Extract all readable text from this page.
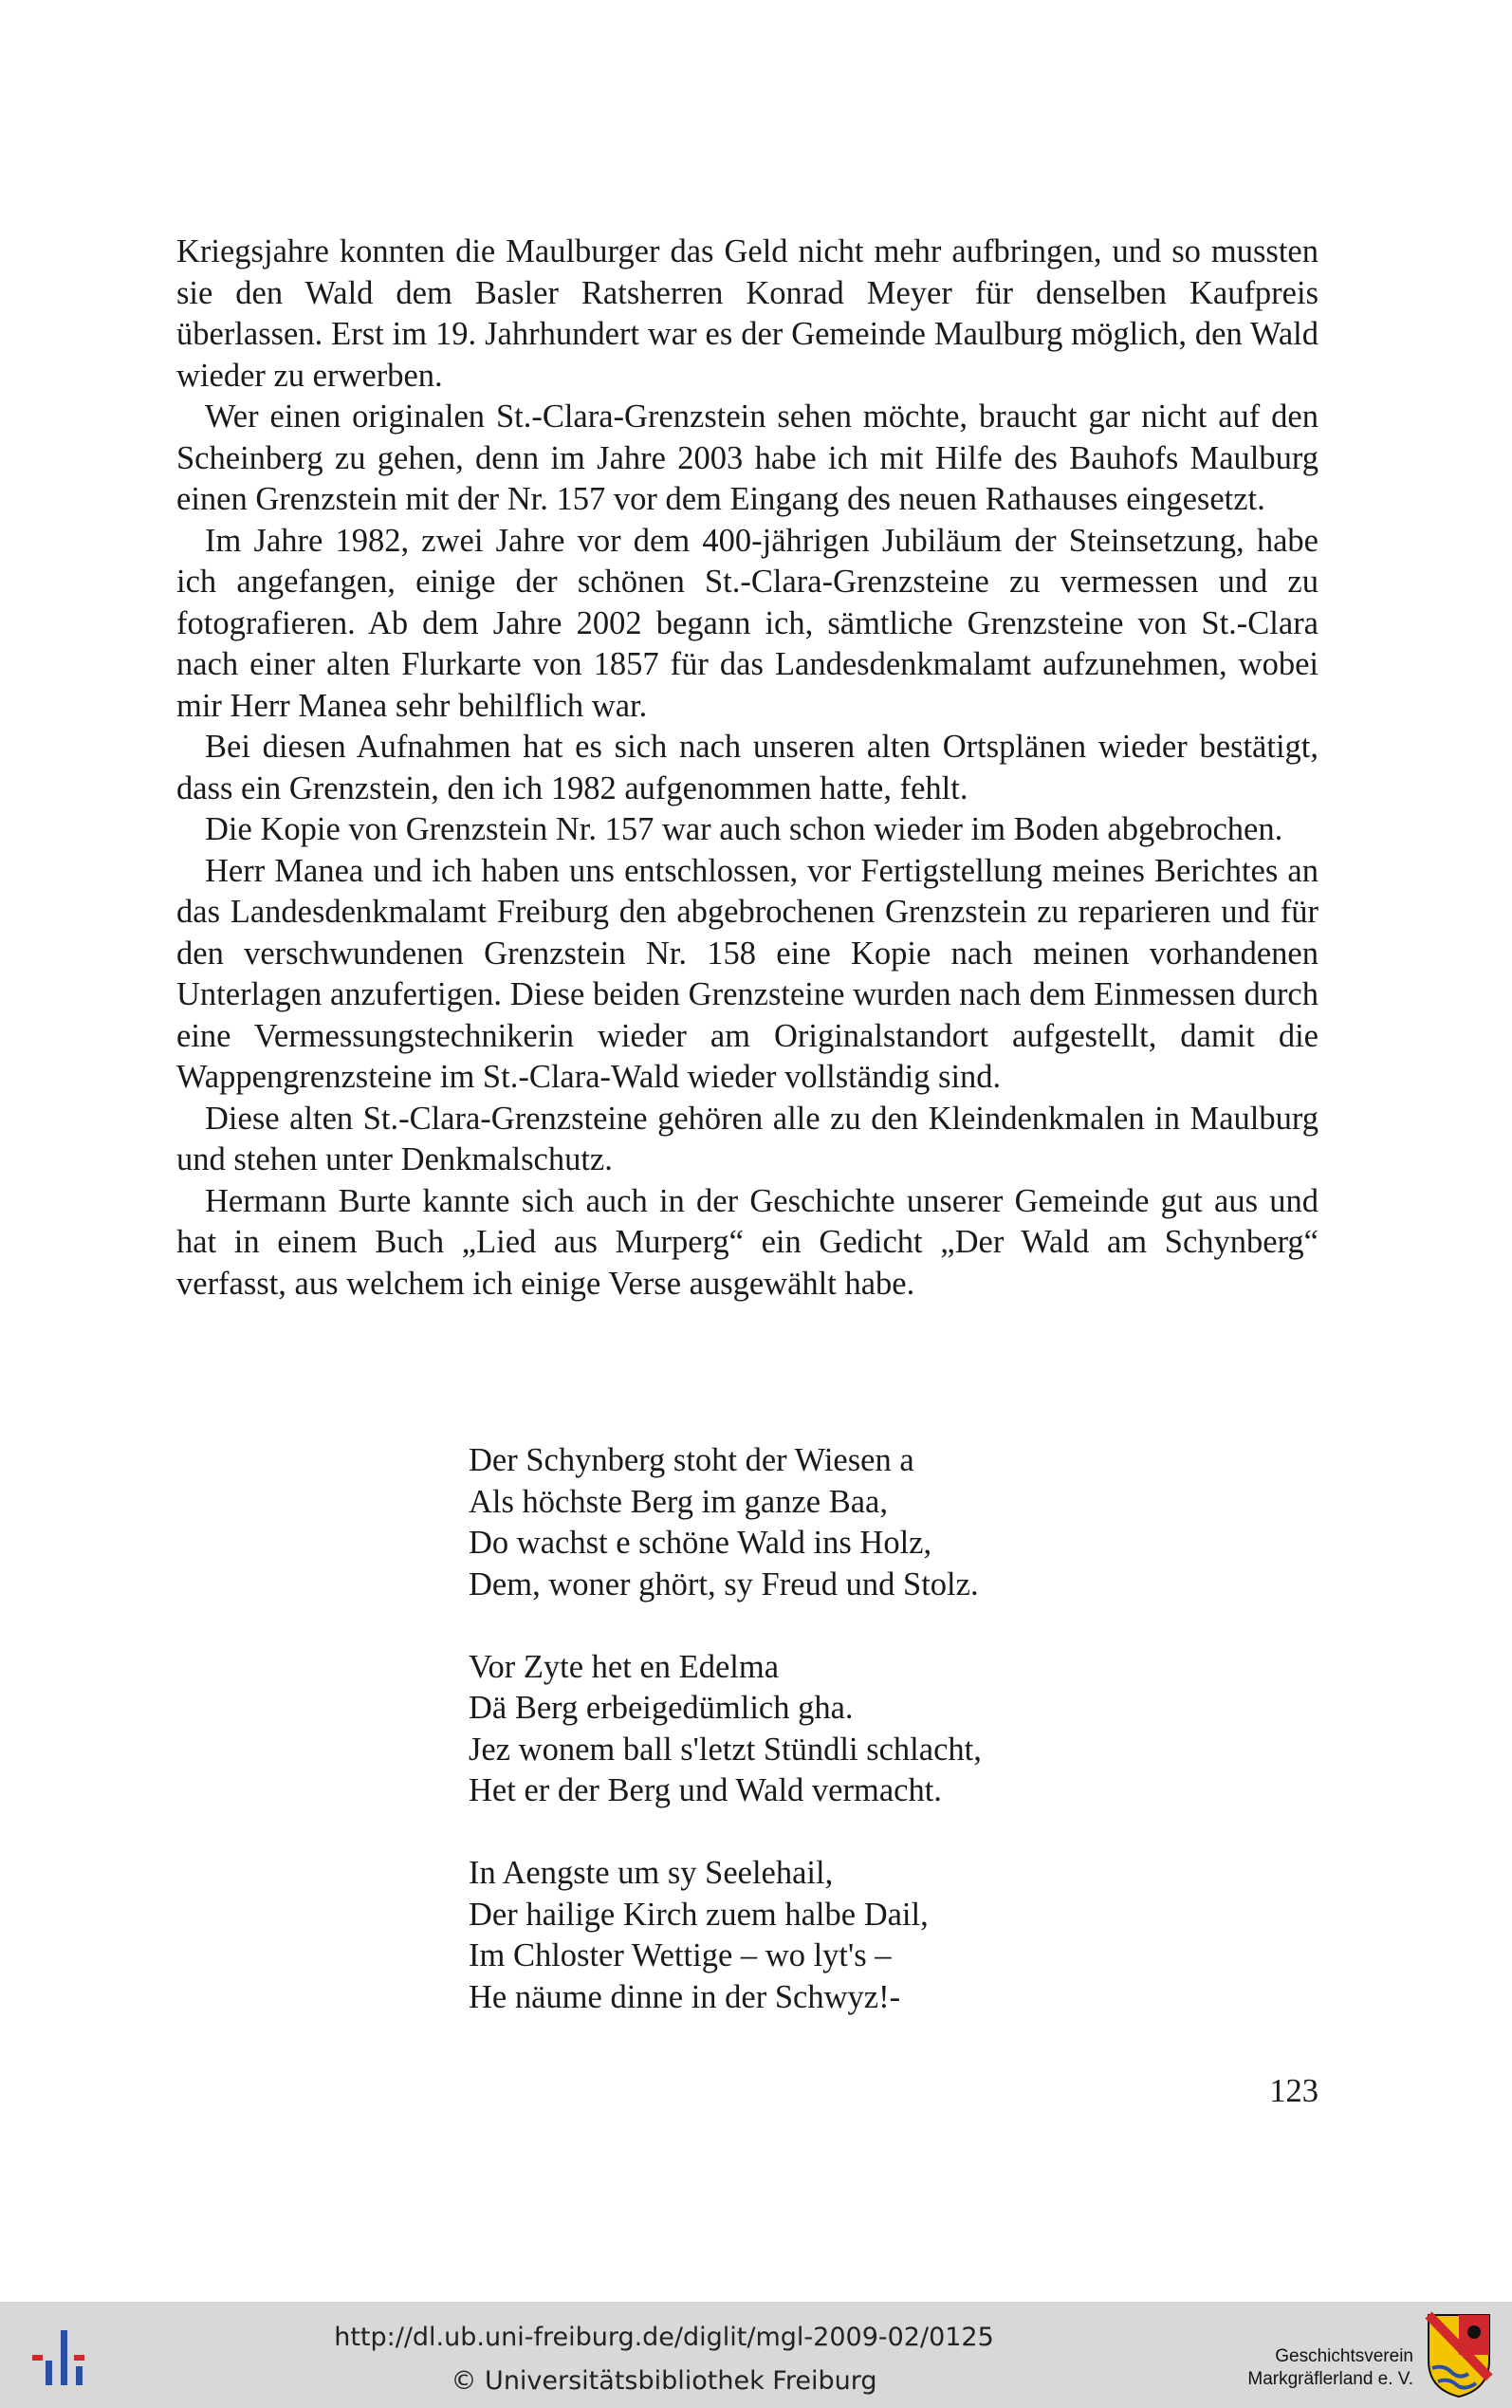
Kriegsjahre konnten die Maulburger das Geld nicht mehr aufbringen, und so mussten sie den Wald dem Basler Ratsherren Konrad Meyer für denselben Kaufpreis überlassen. Erst im 19. Jahrhundert war es der Gemeinde Maulburg möglich, den Wald wieder zu erwerben.

Wer einen originalen St.-Clara-Grenzstein sehen möchte, braucht gar nicht auf den Scheinberg zu gehen, denn im Jahre 2003 habe ich mit Hilfe des Bauhofs Maulburg einen Grenzstein mit der Nr. 157 vor dem Eingang des neuen Rathauses eingesetzt.

Im Jahre 1982, zwei Jahre vor dem 400-jährigen Jubiläum der Steinsetzung, habe ich angefangen, einige der schönen St.-Clara-Grenzsteine zu vermessen und zu fotografieren. Ab dem Jahre 2002 begann ich, sämtliche Grenzsteine von St.-Clara nach einer alten Flurkarte von 1857 für das Landesdenkmalamt aufzunehmen, wobei mir Herr Manea sehr behilflich war.

Bei diesen Aufnahmen hat es sich nach unseren alten Ortsplänen wieder bestätigt, dass ein Grenzstein, den ich 1982 aufgenommen hatte, fehlt.

Die Kopie von Grenzstein Nr. 157 war auch schon wieder im Boden abgebrochen.

Herr Manea und ich haben uns entschlossen, vor Fertigstellung meines Berichtes an das Landesdenkmalamt Freiburg den abgebrochenen Grenzstein zu reparieren und für den verschwundenen Grenzstein Nr. 158 eine Kopie nach meinen vorhandenen Unterlagen anzufertigen. Diese beiden Grenzsteine wurden nach dem Einmessen durch eine Vermessungstechnikerin wieder am Originalstandort aufgestellt, damit die Wappengrenzsteine im St.-Clara-Wald wieder vollständig sind.

Diese alten St.-Clara-Grenzsteine gehören alle zu den Kleindenkmalen in Maulburg und stehen unter Denkmalschutz.

Hermann Burte kannte sich auch in der Geschichte unserer Gemeinde gut aus und hat in einem Buch „Lied aus Murperg“ ein Gedicht „Der Wald am Schynberg“ verfasst, aus welchem ich einige Verse ausgewählt habe.

Der Schynberg stoht der Wiesen a
Als höchste Berg im ganze Baa,
Do wachst e schöne Wald ins Holz,
Dem, woner ghört, sy Freud und Stolz.
Vor Zyte het en Edelma
Dä Berg erbeigedümlich gha.
Jez wonem ball s'letzt Stündli schlacht,
Het er der Berg und Wald vermacht.
In Aengste um sy Seelehail,
Der hailige Kirch zuem halbe Dail,
Im Chloster Wettige – wo lyt's –
He näume dinne in der Schwyz!-
123
http://dl.ub.uni-freiburg.de/diglit/mgl-2009-02/0125
© Universitätsbibliothek Freiburg
Geschichtsverein
Markgräflerland e. V.
